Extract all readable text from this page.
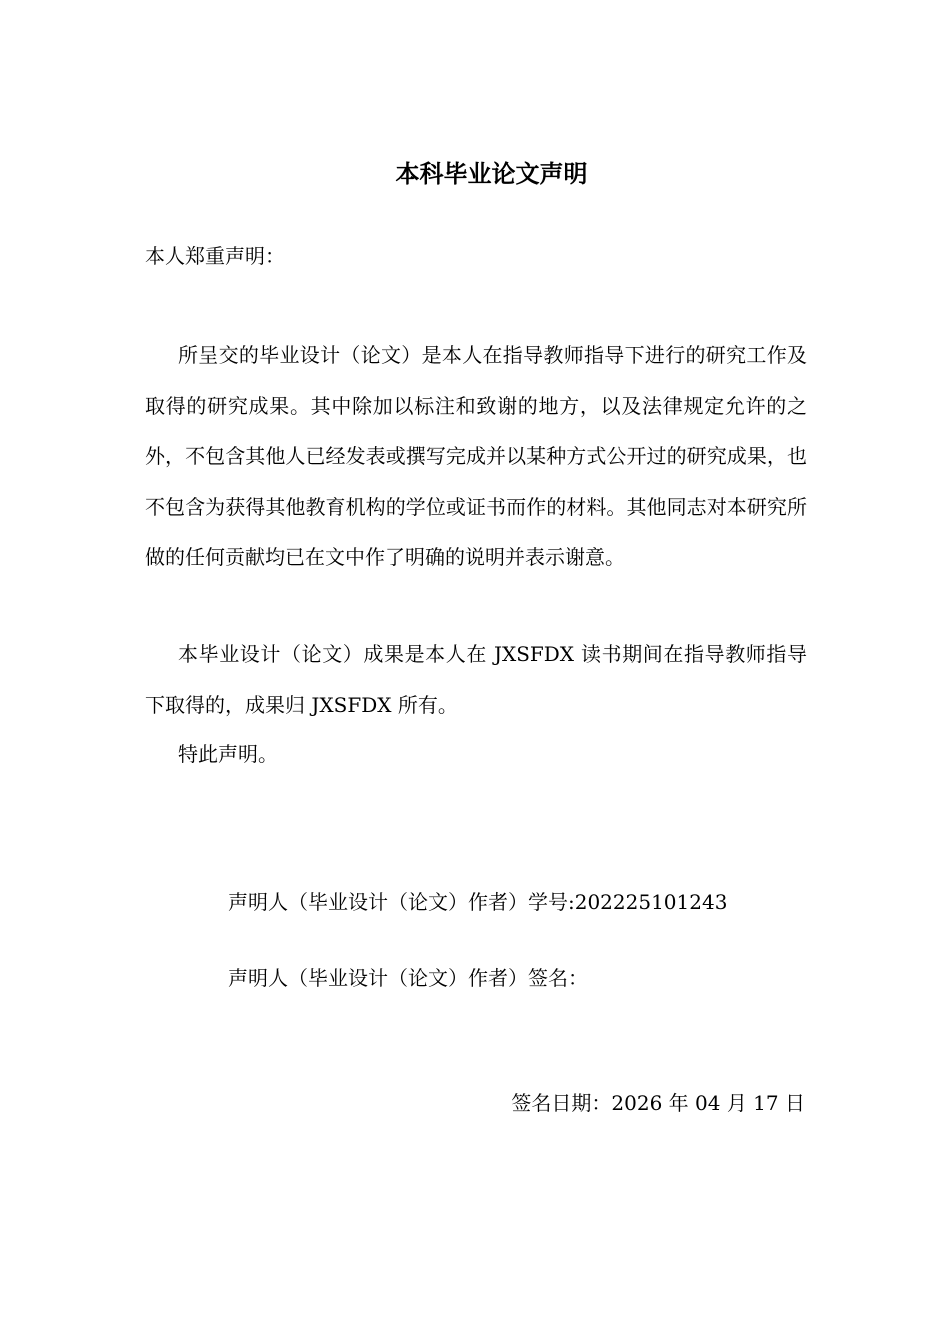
本科毕业论文声明

本人郑重声明：

所呈交的毕业设计（论文）是本人在指导教师指导下进行的研究工作及取得的研究成果。其中除加以标注和致谢的地方，以及法律规定允许的之外，不包含其他人已经发表或撰写完成并以某种方式公开过的研究成果，也不包含为获得其他教育机构的学位或证书而作的材料。其他同志对本研究所做的任何贡献均已在文中作了明确的说明并表示谢意。

本毕业设计（论文）成果是本人在 JXSFDX 读书期间在指导教师指导下取得的，成果归 JXSFDX 所有。

特此声明。

声明人（毕业设计（论文）作者）学号:202225101243

声明人（毕业设计（论文）作者）签名：

签名日期：2026 年 04 月 17 日
